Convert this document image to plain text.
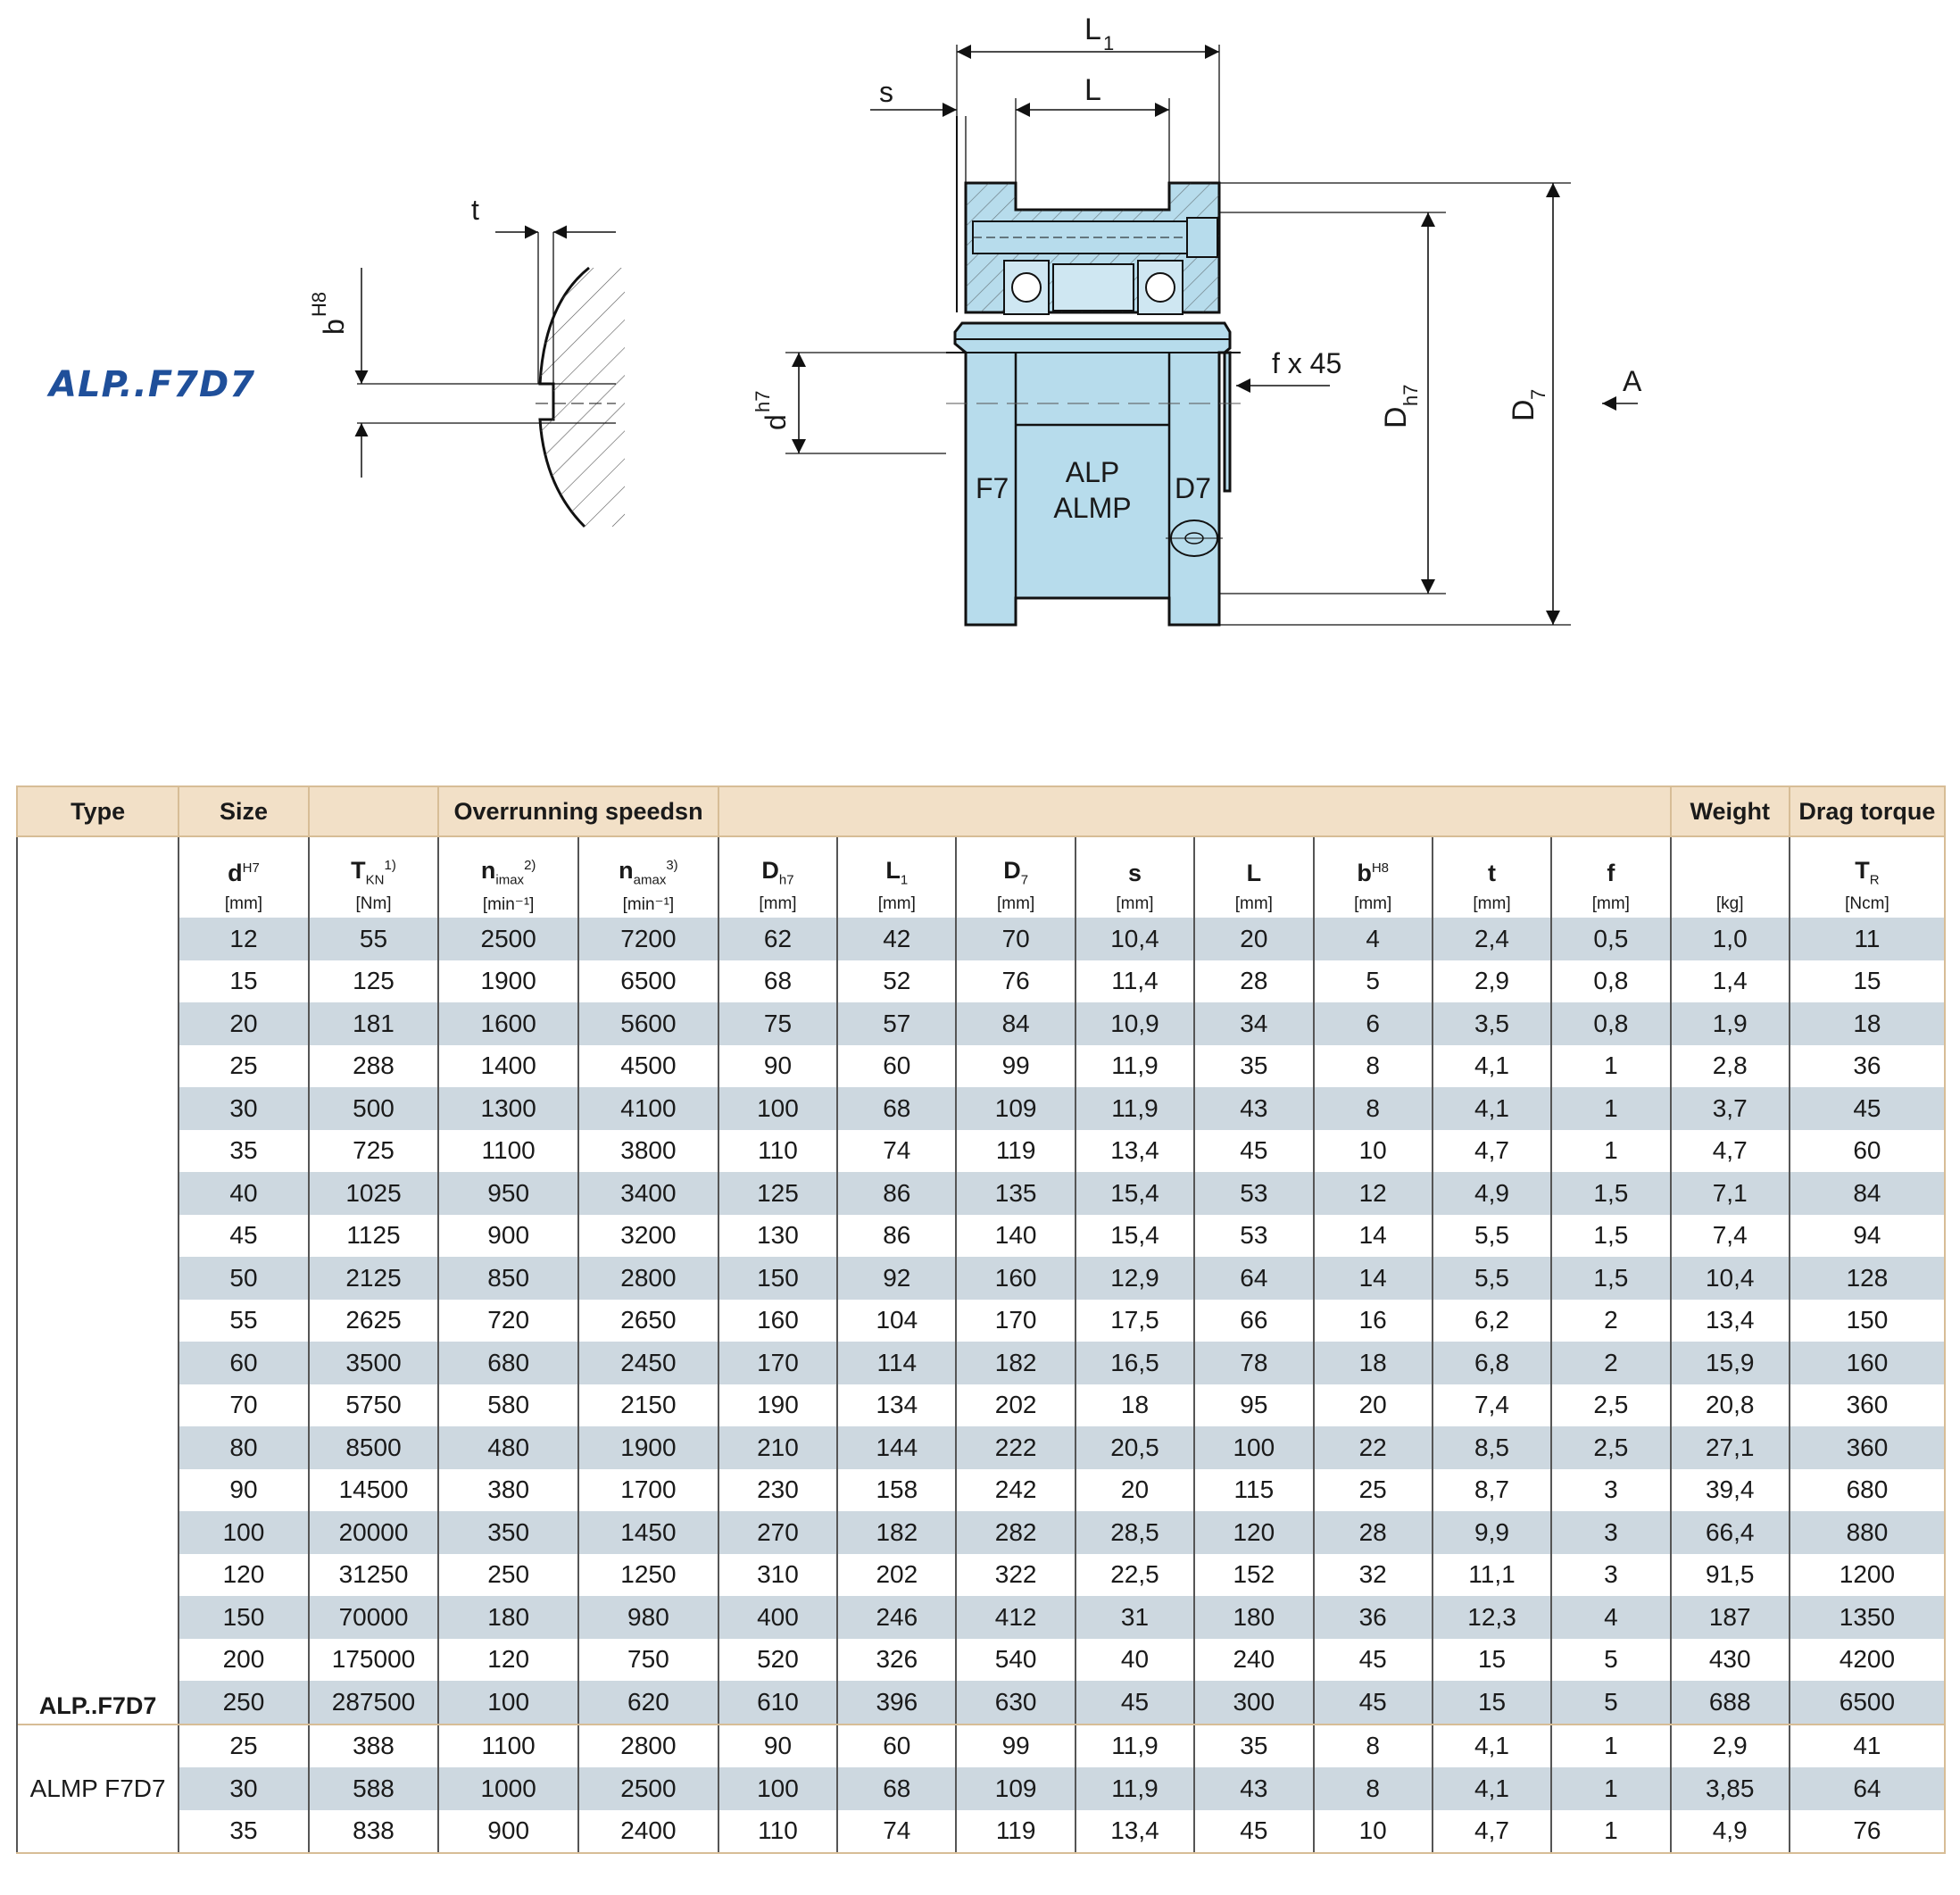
ALP..F7D7
t
b
H8
L 1
L
s
f x 45
A
d
h7
D
h7
D
7
F7	D7
ALP
ALMP
Type	Size		Overrunning speedsn										Weight	Drag torque
ALP..F7D7	$d^{H7}$	$T_{KN}^{1)}$	$n_{imax}^{2)}$	$n_{amax}^{3)}$	$D_{h7}$	$L_1$	$D_7$	s	L	$b^{H8}$	t	f		$T_R$
	[mm]	[Nm]	[min⁻¹]	[min⁻¹]	[mm]	[mm]	[mm]	[mm]	[mm]	[mm]	[mm]	[mm]	[kg]	[Ncm]
	12	55	2500	7200	62	42	70	10,4	20	4	2,4	0,5	1,0	11
	15	125	1900	6500	68	52	76	11,4	28	5	2,9	0,8	1,4	15
	20	181	1600	5600	75	57	84	10,9	34	6	3,5	0,8	1,9	18
	25	288	1400	4500	90	60	99	11,9	35	8	4,1	1	2,8	36
	30	500	1300	4100	100	68	109	11,9	43	8	4,1	1	3,7	45
	35	725	1100	3800	110	74	119	13,4	45	10	4,7	1	4,7	60
	40	1025	950	3400	125	86	135	15,4	53	12	4,9	1,5	7,1	84
	45	1125	900	3200	130	86	140	15,4	53	14	5,5	1,5	7,4	94
	50	2125	850	2800	150	92	160	12,9	64	14	5,5	1,5	10,4	128
	55	2625	720	2650	160	104	170	17,5	66	16	6,2	2	13,4	150
	60	3500	680	2450	170	114	182	16,5	78	18	6,8	2	15,9	160
	70	5750	580	2150	190	134	202	18	95	20	7,4	2,5	20,8	360
	80	8500	480	1900	210	144	222	20,5	100	22	8,5	2,5	27,1	360
	90	14500	380	1700	230	158	242	20	115	25	8,7	3	39,4	680
	100	20000	350	1450	270	182	282	28,5	120	28	9,9	3	66,4	880
	120	31250	250	1250	310	202	322	22,5	152	32	11,1	3	91,5	1200
	150	70000	180	980	400	246	412	31	180	36	12,3	4	187	1350
	200	175000	120	750	520	326	540	40	240	45	15	5	430	4200
	250	287500	100	620	610	396	630	45	300	45	15	5	688	6500
ALMP F7D7	25	388	1100	2800	90	60	99	11,9	35	8	4,1	1	2,9	41
	30	588	1000	2500	100	68	109	11,9	43	8	4,1	1	3,85	64
	35	838	900	2400	110	74	119	13,4	45	10	4,7	1	4,9	76
